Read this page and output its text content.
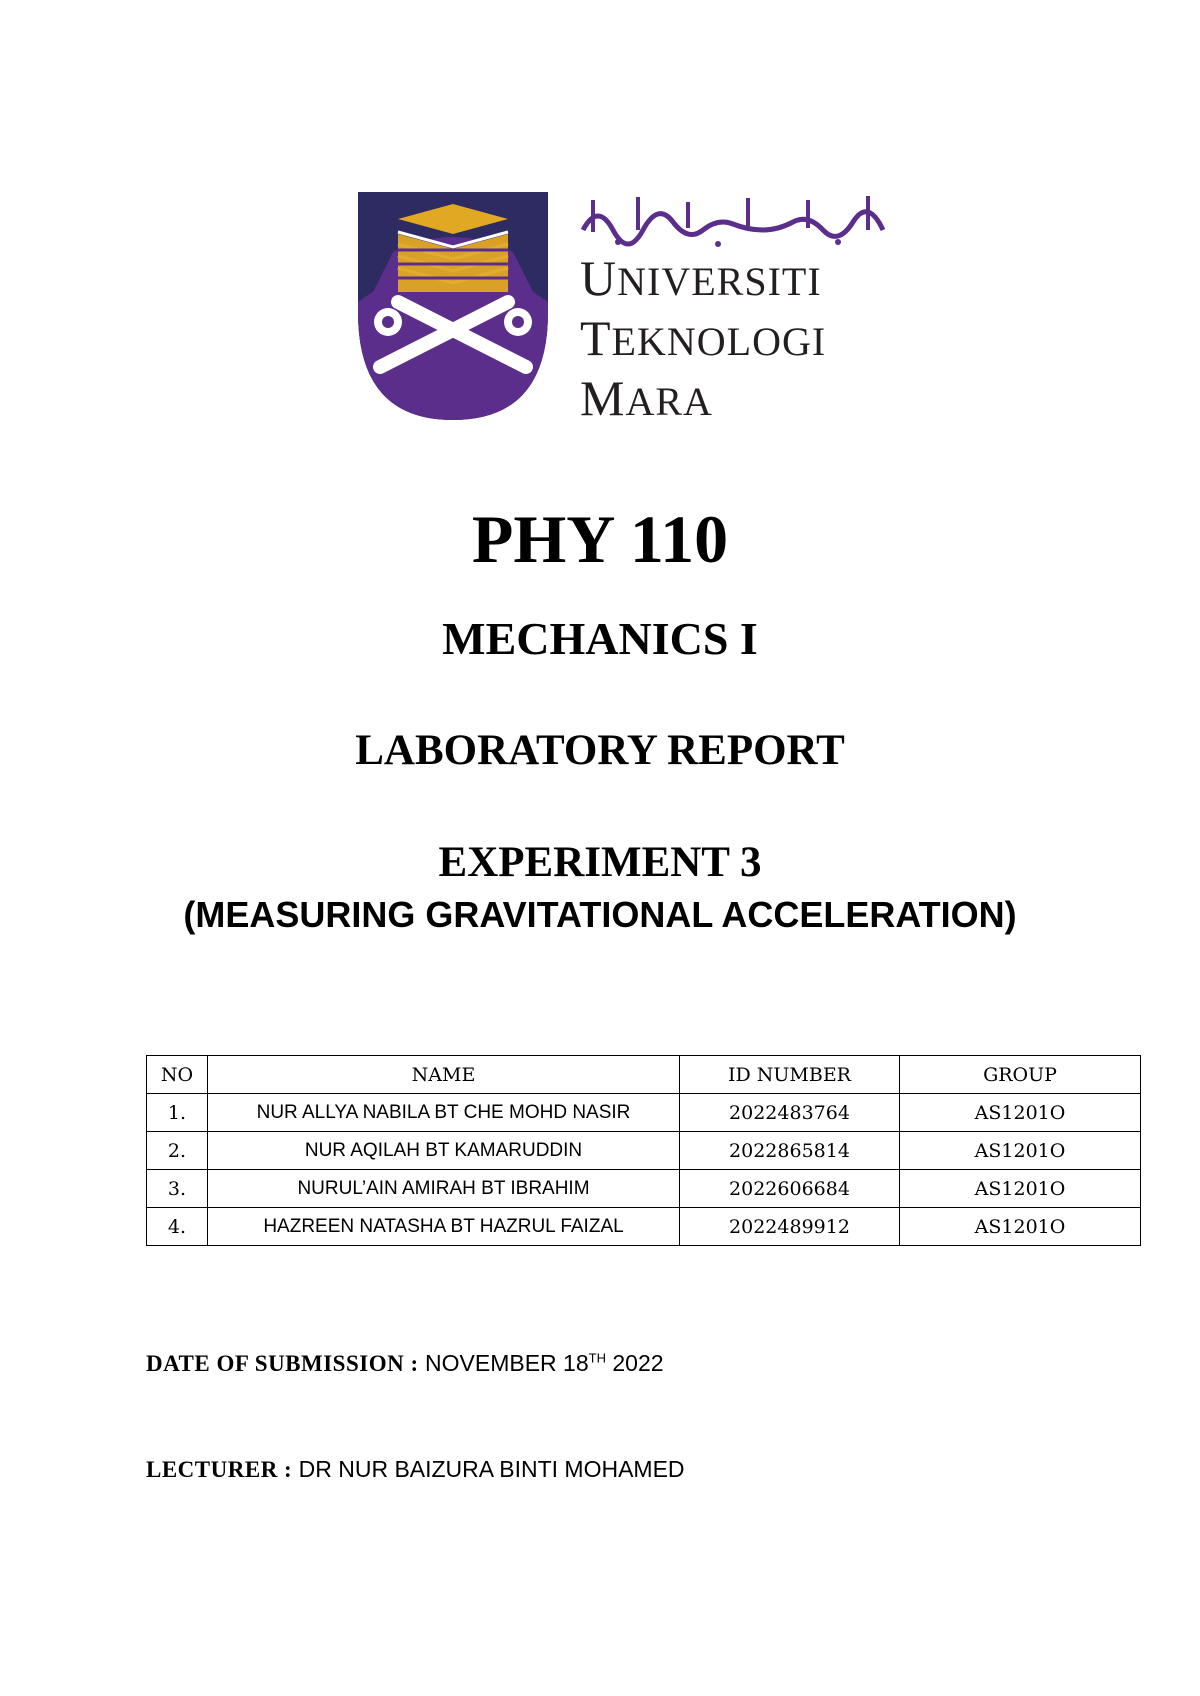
UNIVERSITI
TEKNOLOGI
MARA
PHY 110
MECHANICS I
LABORATORY REPORT
EXPERIMENT 3
(MEASURING GRAVITATIONAL ACCELERATION)
NO	NAME	ID NUMBER	GROUP
1.	NUR ALLYA NABILA BT CHE MOHD NASIR	2022483764	AS1201O
2.	NUR AQILAH BT KAMARUDDIN	2022865814	AS1201O
3.	NURUL’AIN AMIRAH BT IBRAHIM	2022606684	AS1201O
4.	HAZREEN NATASHA BT HAZRUL FAIZAL	2022489912	AS1201O
DATE OF SUBMISSION : NOVEMBER 18TH 2022
LECTURER : DR NUR BAIZURA BINTI MOHAMED
